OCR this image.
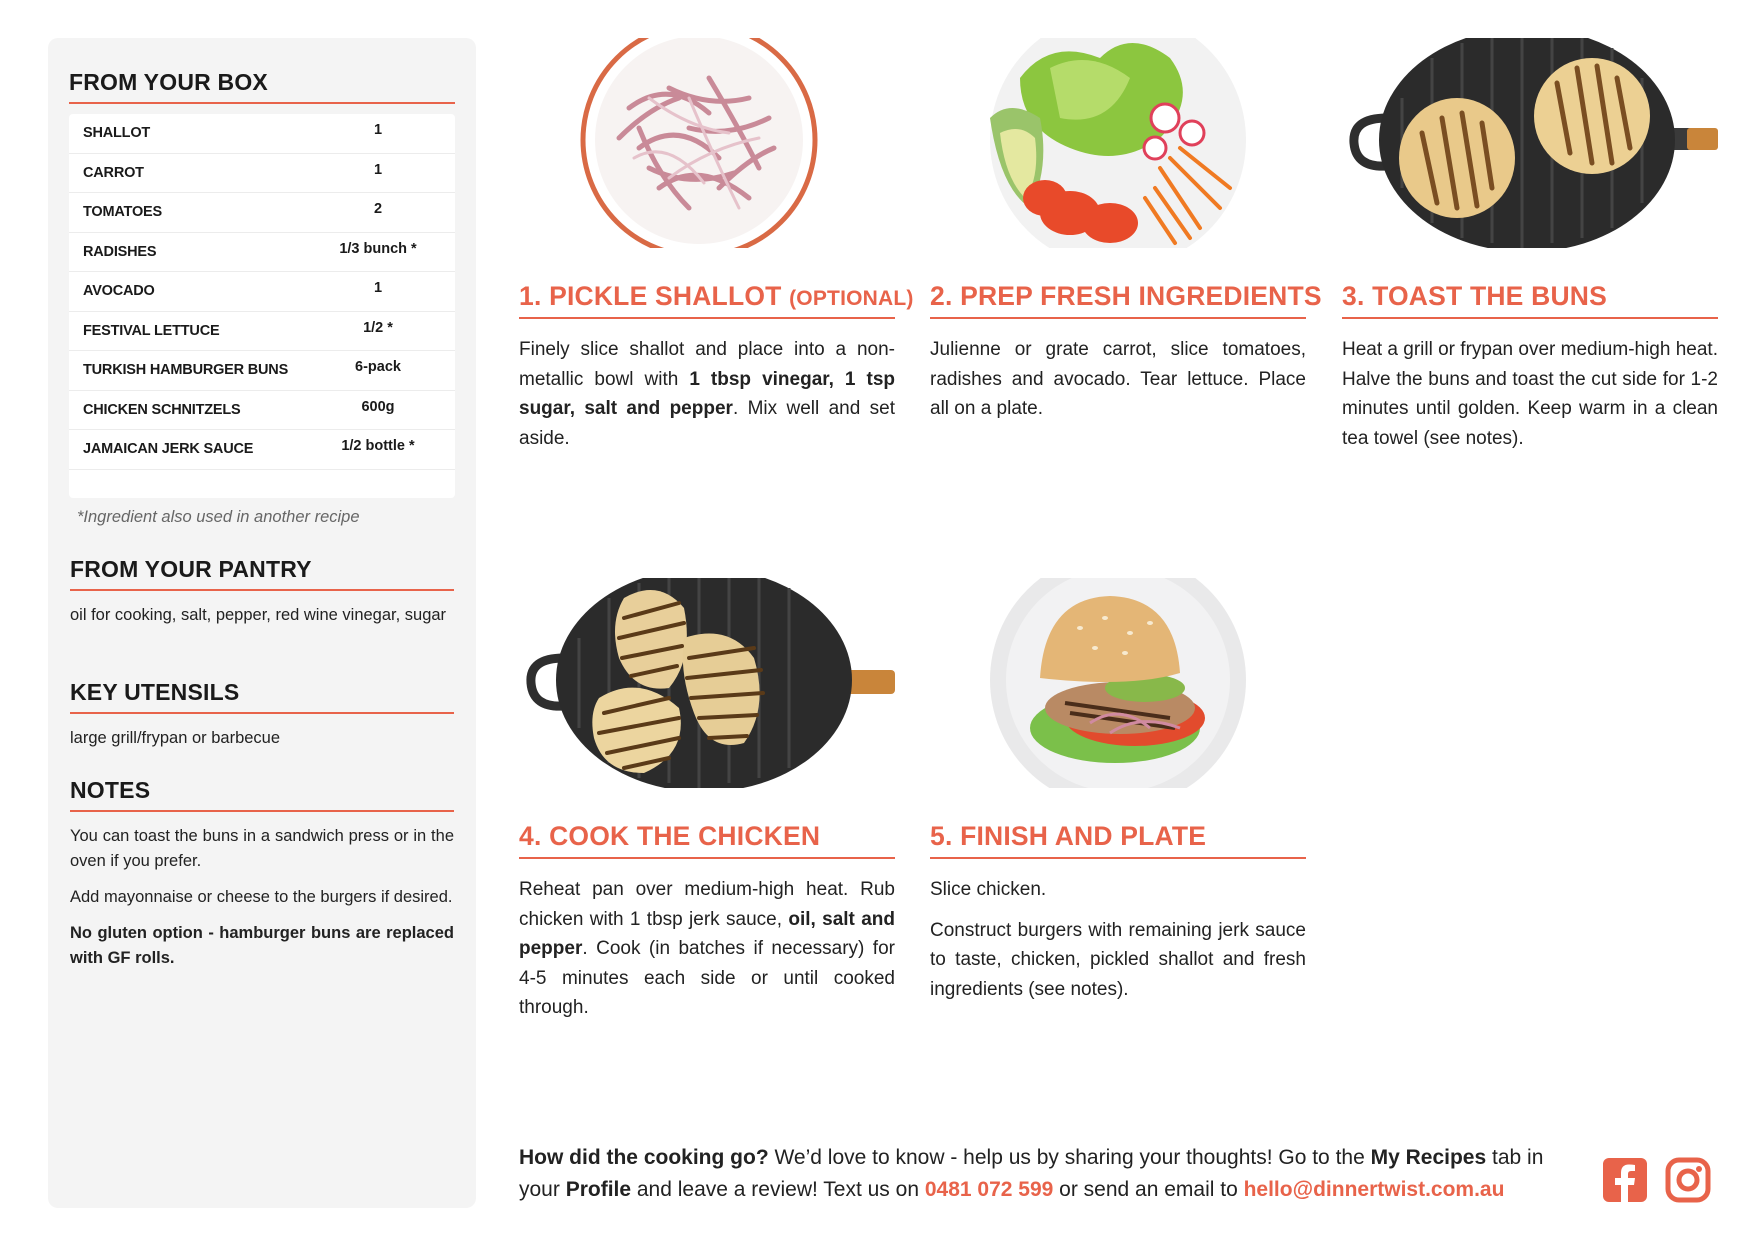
FROM YOUR BOX
SHALLOT	1
CARROT	1
TOMATOES	2
RADISHES	1/3 bunch *
AVOCADO	1
FESTIVAL LETTUCE	1/2 *
TURKISH HAMBURGER BUNS	6-pack
CHICKEN SCHNITZELS	600g
JAMAICAN JERK SAUCE	1/2 bottle *
*Ingredient also used in another recipe
FROM YOUR PANTRY
oil for cooking, salt, pepper, red wine vinegar, sugar
KEY UTENSILS
large grill/frypan or barbecue
NOTES

You can toast the buns in a sandwich press or in the oven if you prefer.

Add mayonnaise or cheese to the burgers if desired.

No gluten option - hamburger buns are replaced with GF rolls.

1. PICKLE SHALLOT (OPTIONAL)

Finely slice shallot and place into a non-metallic bowl with 1 tbsp vinegar, 1 tsp sugar, salt and pepper. Mix well and set aside.

2. PREP FRESH INGREDIENTS

Julienne or grate carrot, slice tomatoes, radishes and avocado. Tear lettuce. Place all on a plate.

3. TOAST THE BUNS

Heat a grill or frypan over medium-high heat. Halve the buns and toast the cut side for 1-2 minutes until golden. Keep warm in a clean tea towel (see notes).

4. COOK THE CHICKEN

Reheat pan over medium-high heat. Rub chicken with 1 tbsp jerk sauce, oil, salt and pepper. Cook (in batches if necessary) for 4-5 minutes each side or until cooked through.

5. FINISH AND PLATE

Slice chicken.

Construct burgers with remaining jerk sauce to taste, chicken, pickled shallot and fresh ingredients (see notes).

How did the cooking go? We’d love to know - help us by sharing your thoughts! Go to the My Recipes tab in your Profile and leave a review! Text us on 0481 072 599 or send an email to hello@dinnertwist.com.au
